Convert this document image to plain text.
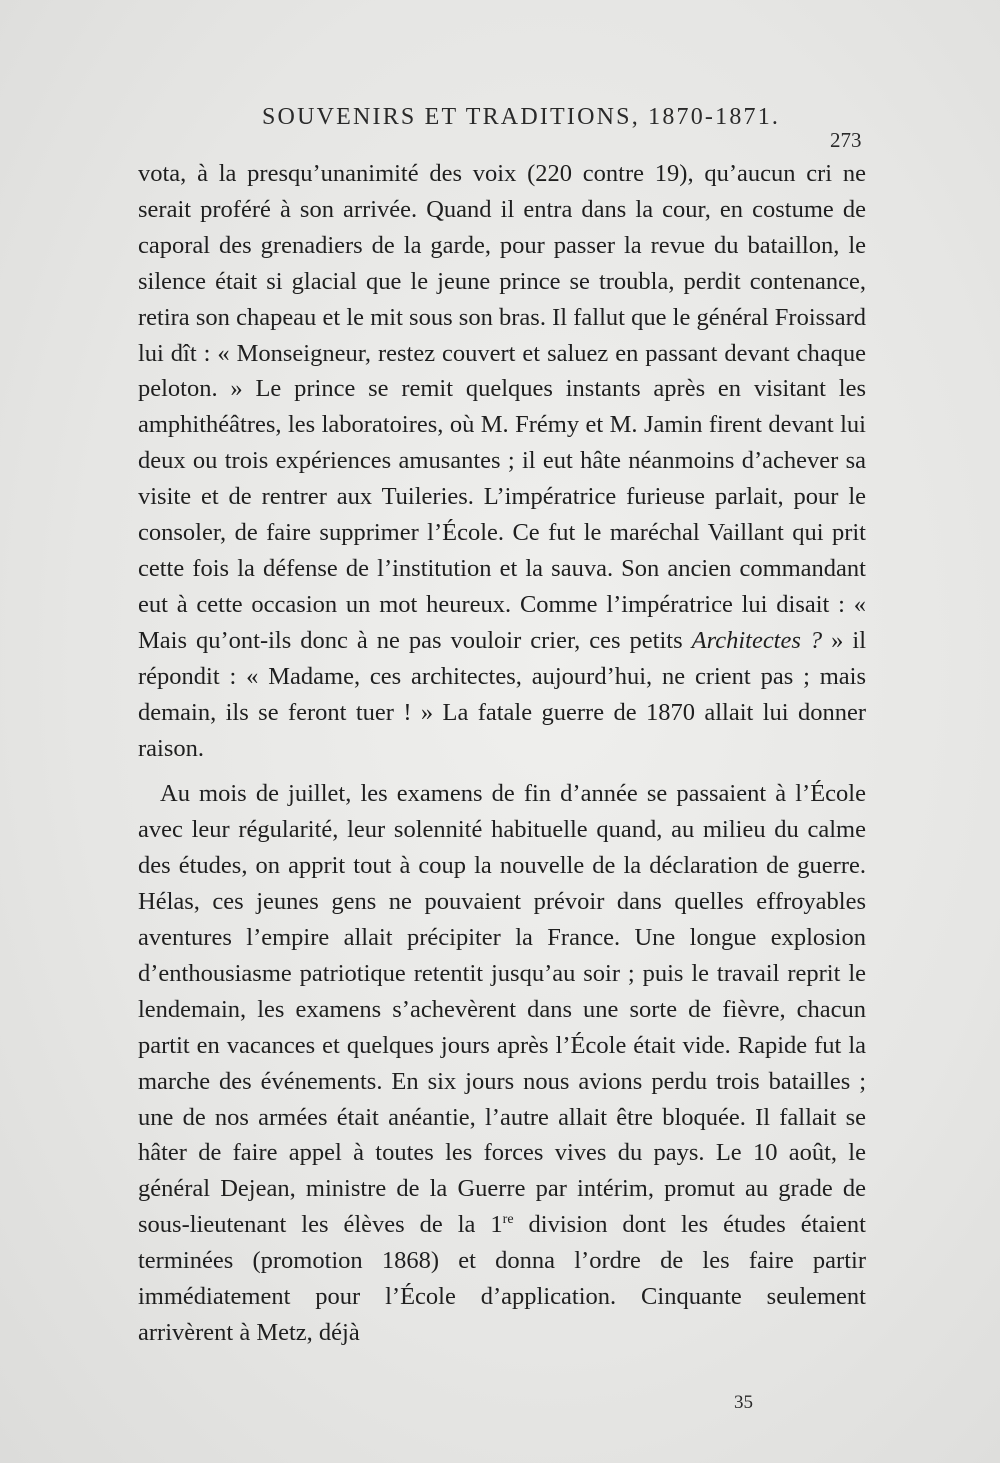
SOUVENIRS ET TRADITIONS, 1870-1871.
273

vota, à la presqu’unanimité des voix (220 contre 19), qu’aucun cri ne serait proféré à son arrivée. Quand il entra dans la cour, en costume de caporal des grenadiers de la garde, pour passer la revue du bataillon, le silence était si glacial que le jeune prince se troubla, perdit contenance, retira son chapeau et le mit sous son bras. Il fallut que le général Froissard lui dît : « Monseigneur, restez couvert et saluez en passant devant chaque peloton. » Le prince se remit quelques instants après en visitant les amphithéâtres, les laboratoires, où M. Frémy et M. Jamin firent devant lui deux ou trois expériences amusantes ; il eut hâte néanmoins d’achever sa visite et de rentrer aux Tuileries. L’impératrice furieuse parlait, pour le consoler, de faire supprimer l’École. Ce fut le maréchal Vaillant qui prit cette fois la défense de l’institution et la sauva. Son ancien commandant eut à cette occasion un mot heureux. Comme l’impératrice lui disait : « Mais qu’ont-ils donc à ne pas vouloir crier, ces petits Architectes ? » il répondit : « Madame, ces architectes, aujourd’hui, ne crient pas ; mais demain, ils se feront tuer ! » La fatale guerre de 1870 allait lui donner raison.

Au mois de juillet, les examens de fin d’année se passaient à l’École avec leur régularité, leur solennité habituelle quand, au milieu du calme des études, on apprit tout à coup la nouvelle de la déclaration de guerre. Hélas, ces jeunes gens ne pouvaient prévoir dans quelles effroyables aventures l’empire allait précipiter la France. Une longue explosion d’enthousiasme patriotique retentit jusqu’au soir ; puis le travail reprit le lendemain, les examens s’achevèrent dans une sorte de fièvre, chacun partit en vacances et quelques jours après l’École était vide. Rapide fut la marche des événements. En six jours nous avions perdu trois batailles ; une de nos armées était anéantie, l’autre allait être bloquée. Il fallait se hâter de faire appel à toutes les forces vives du pays. Le 10 août, le général Dejean, ministre de la Guerre par intérim, promut au grade de sous-lieutenant les élèves de la 1re division dont les études étaient terminées (promotion 1868) et donna l’ordre de les faire partir immédiatement pour l’École d’application. Cinquante seulement arrivèrent à Metz, déjà

35
